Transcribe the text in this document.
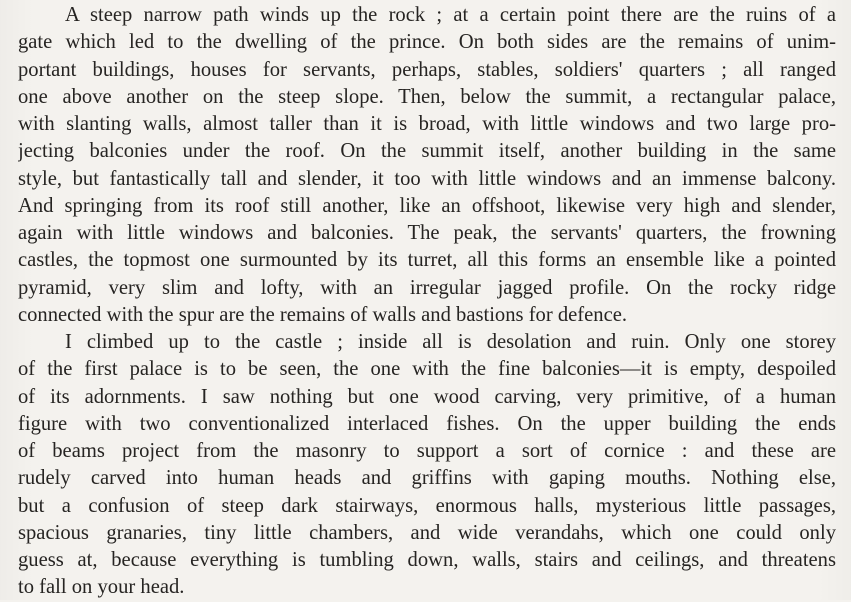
A steep narrow path winds up the rock ; at a certain point there are the ruins of a
gate which led to the dwelling of the prince. On both sides are the remains of unim-
portant buildings, houses for servants, perhaps, stables, soldiers' quarters ; all ranged
one above another on the steep slope. Then, below the summit, a rectangular palace,
with slanting walls, almost taller than it is broad, with little windows and two large pro-
jecting balconies under the roof. On the summit itself, another building in the same
style, but fantastically tall and slender, it too with little windows and an immense balcony.
And springing from its roof still another, like an offshoot, likewise very high and slender,
again with little windows and balconies. The peak, the servants' quarters, the frowning
castles, the topmost one surmounted by its turret, all this forms an ensemble like a pointed
pyramid, very slim and lofty, with an irregular jagged profile. On the rocky ridge
connected with the spur are the remains of walls and bastions for defence.

I climbed up to the castle ; inside all is desolation and ruin. Only one storey
of the first palace is to be seen, the one with the fine balconies—it is empty, despoiled
of its adornments. I saw nothing but one wood carving, very primitive, of a human
figure with two conventionalized interlaced fishes. On the upper building the ends
of beams project from the masonry to support a sort of cornice : and these are
rudely carved into human heads and griffins with gaping mouths. Nothing else,
but a confusion of steep dark stairways, enormous halls, mysterious little passages,
spacious granaries, tiny little chambers, and wide verandahs, which one could only
guess at, because everything is tumbling down, walls, stairs and ceilings, and threatens
to fall on your head.
